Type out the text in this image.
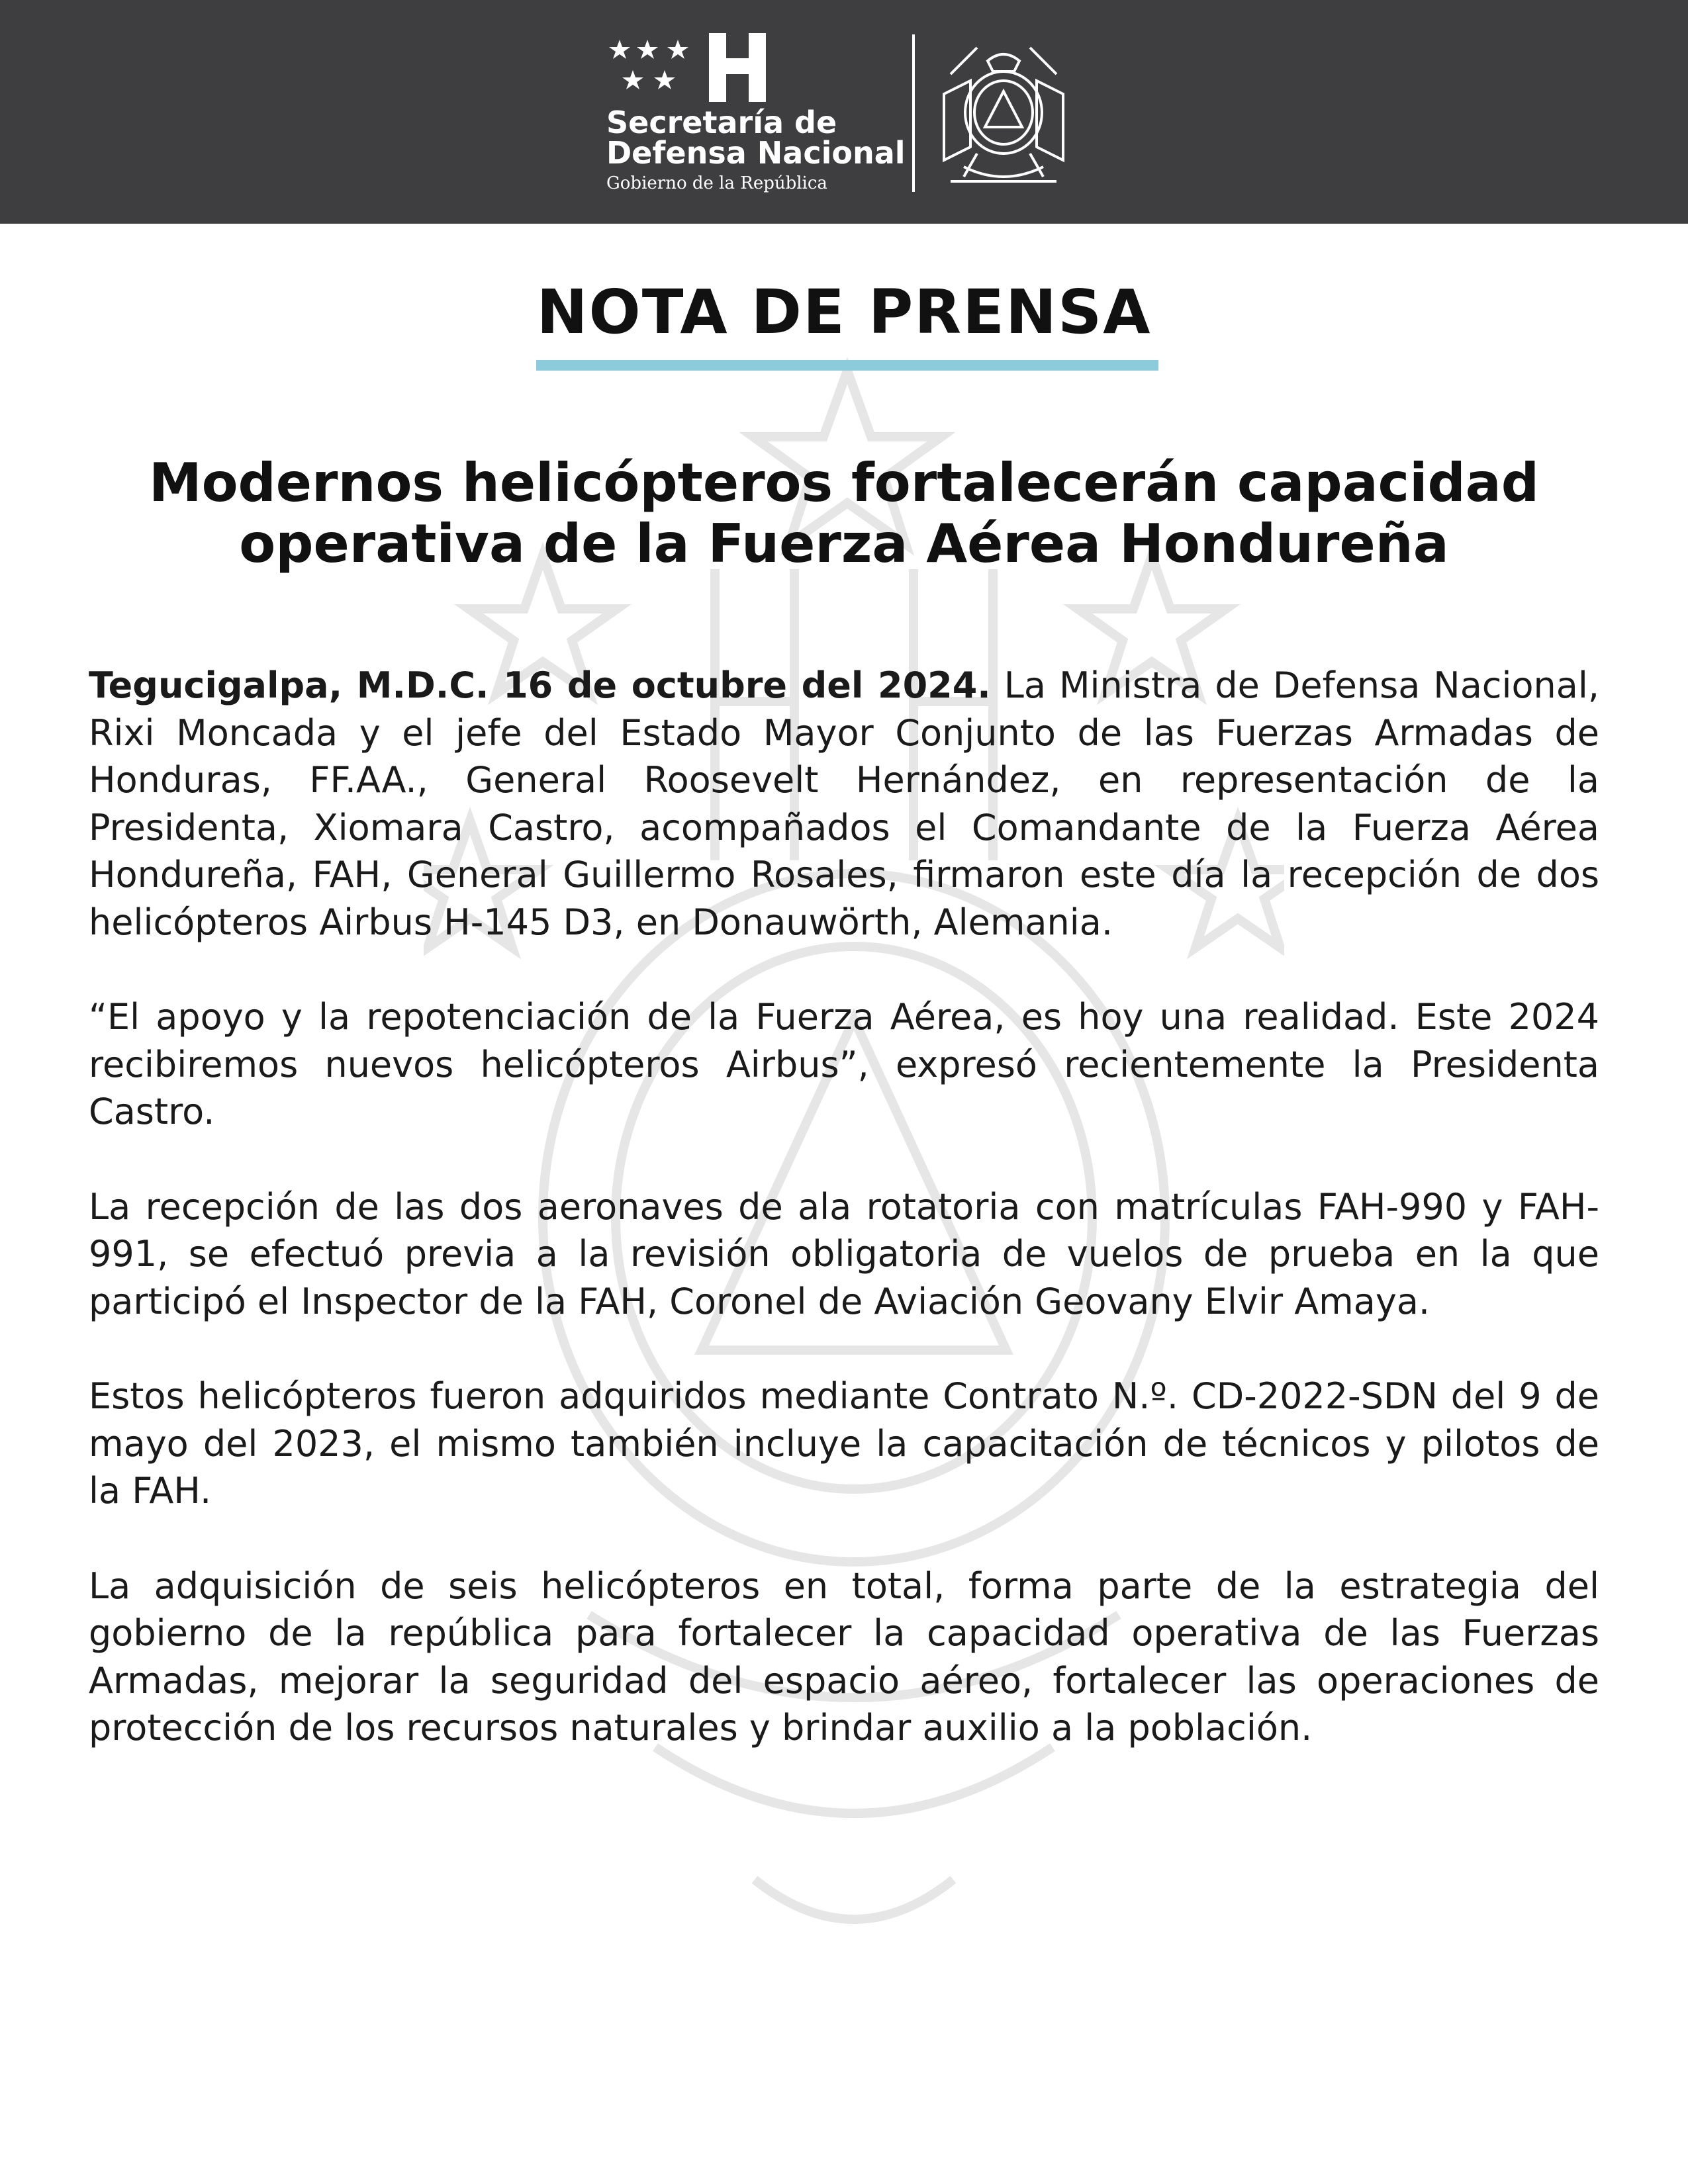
Secretaría de
Defensa Nacional
Gobierno de la República
NOTA DE PRENSA
Modernos helicópteros fortalecerán capacidad
operativa de la Fuerza Aérea Hondureña

Tegucigalpa, M.D.C. 16 de octubre del 2024. La Ministra de Defensa Nacional, Rixi Moncada y el jefe del Estado Mayor Conjunto de las Fuerzas Armadas de Honduras, FF.AA., General Roosevelt Hernández, en representación de la Presidenta, Xiomara Castro, acompañados el Comandante de la Fuerza Aérea Hondureña, FAH, General Guillermo Rosales, firmaron este día la recepción de dos helicópteros Airbus H-145 D3, en Donauwörth, Alemania.

“El apoyo y la repotenciación de la Fuerza Aérea, es hoy una realidad. Este 2024 recibiremos nuevos helicópteros Airbus”, expresó recientemente la Presidenta Castro.

La recepción de las dos aeronaves de ala rotatoria con matrículas FAH-990 y FAH-991, se efectuó previa a la revisión obligatoria de vuelos de prueba en la que participó el Inspector de la FAH, Coronel de Aviación Geovany Elvir Amaya.

Estos helicópteros fueron adquiridos mediante Contrato N.º. CD-2022-SDN del 9 de mayo del 2023, el mismo también incluye la capacitación de técnicos y pilotos de la FAH.

La adquisición de seis helicópteros en total, forma parte de la estrategia del gobierno de la república para fortalecer la capacidad operativa de las Fuerzas Armadas, mejorar la seguridad del espacio aéreo, fortalecer las operaciones de protección de los recursos naturales y brindar auxilio a la población.
